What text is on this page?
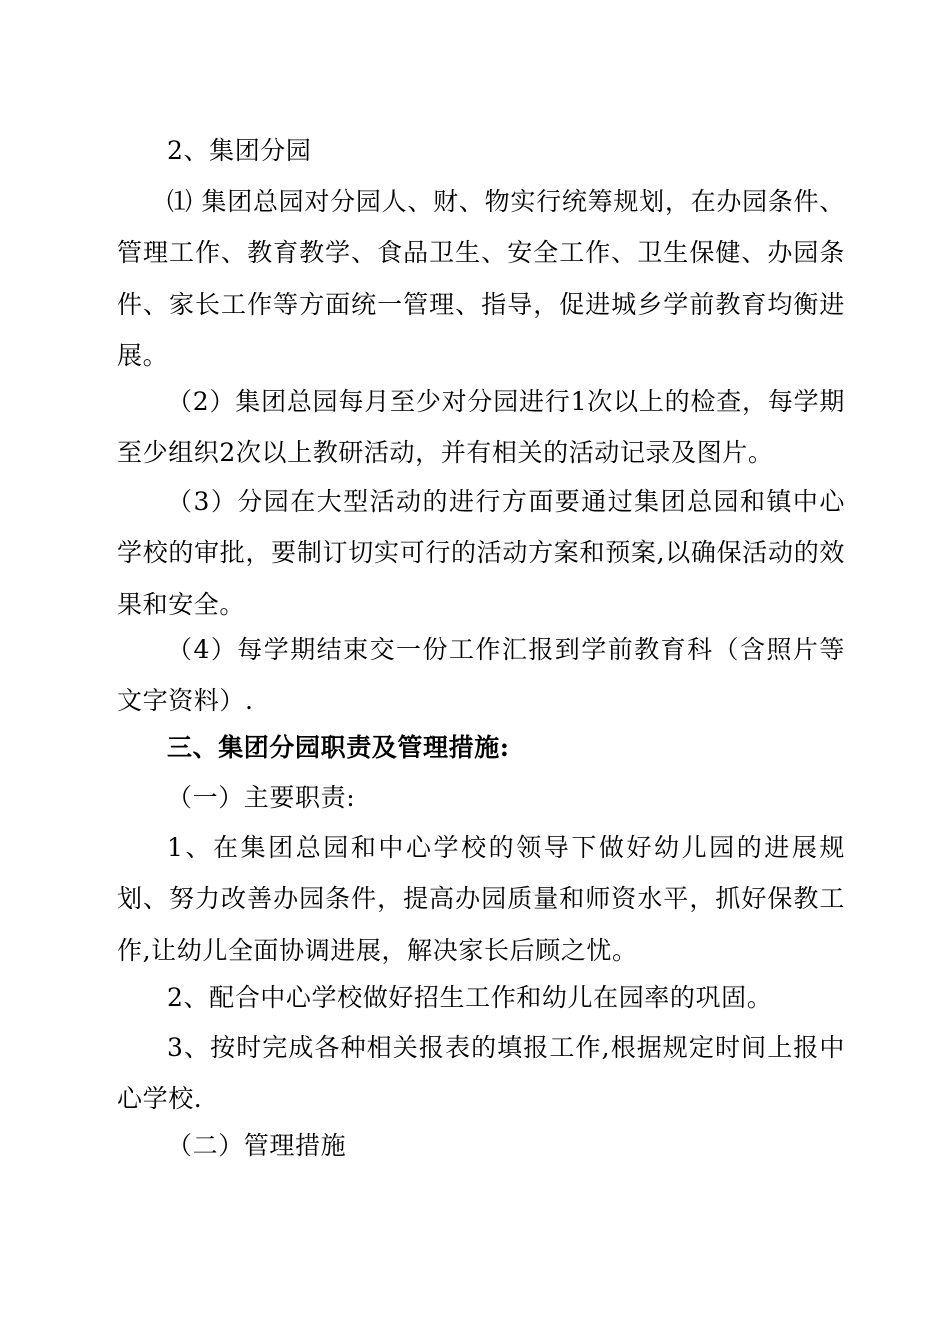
2、集团分园

⑴ 集团总园对分园人、财、物实行统筹规划，在办园条件、管理工作、教育教学、食品卫生、安全工作、卫生保健、办园条件、家长工作等方面统一管理、指导，促进城乡学前教育均衡进展。

（2）集团总园每月至少对分园进行1次以上的检查，每学期至少组织2次以上教研活动，并有相关的活动记录及图片。

（3）分园在大型活动的进行方面要通过集团总园和镇中心学校的审批，要制订切实可行的活动方案和预案,以确保活动的效果和安全。

（4）每学期结束交一份工作汇报到学前教育科（含照片等文字资料）.

三、集团分园职责及管理措施:

（一）主要职责:

1、在集团总园和中心学校的领导下做好幼儿园的进展规划、努力改善办园条件，提高办园质量和师资水平，抓好保教工作,让幼儿全面协调进展，解决家长后顾之忧。

2、配合中心学校做好招生工作和幼儿在园率的巩固。

3、按时完成各种相关报表的填报工作,根据规定时间上报中心学校.

（二）管理措施
